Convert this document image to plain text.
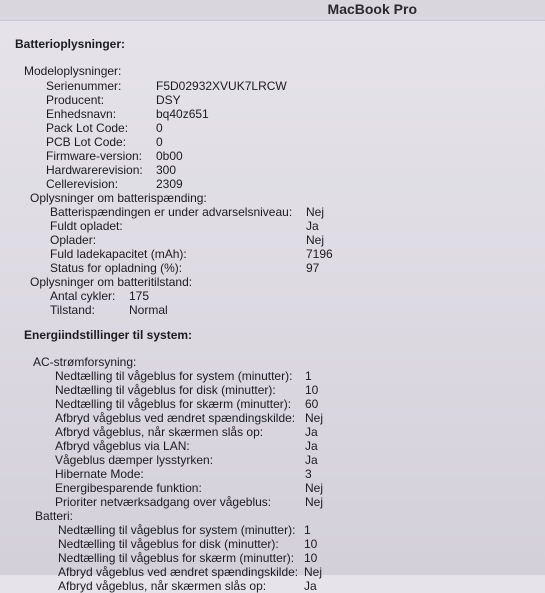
MacBook Pro
Batterioplysninger:
Modeloplysninger:
Serienummer:	F5D02932XVUK7LRCW
Producent:	DSY
Enhedsnavn:	bq40z651
Pack Lot Code: 0
PCB Lot Code: 0
Firmware-version: 0b00
Hardwarerevision: 300
Cellerevision:	2309
Oplysninger om batterispænding:
Batterispændingen er under advarselsniveau: Nej
Fuldt opladet:	Ja
Oplader:	Nej
Fuld ladekapacitet (mAh):	7196
Status for opladning (%):	97
Oplysninger om batteritilstand:
Antal cykler: 175
Tilstand:	Normal
Energiindstillinger til system:
AC-strømforsyning:
Nedtælling til vågeblus for system (minutter): 1
Nedtælling til vågeblus for disk (minutter): 10
Nedtælling til vågeblus for skærm (minutter): 60
Afbryd vågeblus ved ændret spændingskilde: Nej
Afbryd vågeblus, når skærmen slås op:	Ja
Afbryd vågeblus via LAN:	Ja
Vågeblus dæmper lysstyrken:	Ja
Hibernate Mode:	3
Energibesparende funktion:	Nej
Prioriter netværksadgang over vågeblus:	Nej
Batteri:
Nedtælling til vågeblus for system (minutter): 1
Nedtælling til vågeblus for disk (minutter): 10
Nedtælling til vågeblus for skærm (minutter): 10
Afbryd vågeblus ved ændret spændingskilde: Nej
Afbryd vågeblus, når skærmen slås op:	Ja
